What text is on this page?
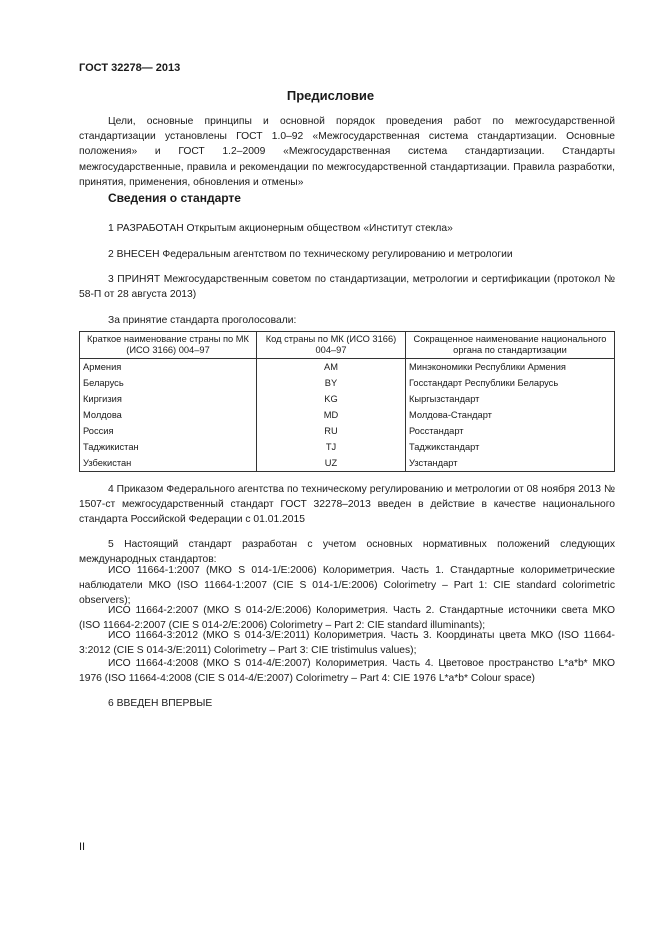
ГОСТ 32278— 2013
Предисловие
Цели, основные принципы и основной порядок проведения работ по межгосударственной стандартизации установлены ГОСТ 1.0–92 «Межгосударственная система стандартизации. Основные положения» и ГОСТ 1.2–2009 «Межгосударственная система стандартизации. Стандарты межгосударственные, правила и рекомендации по межгосударственной стандартизации. Правила разработки, принятия, применения, обновления и отмены»
Сведения о стандарте
1 РАЗРАБОТАН Открытым акционерным обществом «Институт стекла»
2 ВНЕСЕН Федеральным агентством по техническому регулированию и метрологии
3 ПРИНЯТ Межгосударственным советом по стандартизации, метрологии и сертификации (протокол № 58-П от 28 августа 2013)
За принятие стандарта проголосовали:
Краткое наименование страны по МК (ИСО 3166) 004–97	Код страны по МК (ИСО 3166) 004–97	Сокращенное наименование национального органа по стандартизации
Армения	AM	Минэкономики Республики Армения
Беларусь	BY	Госстандарт Республики Беларусь
Киргизия	KG	Кыргызстандарт
Молдова	MD	Молдова-Стандарт
Россия	RU	Росстандарт
Таджикистан	TJ	Таджикстандарт
Узбекистан	UZ	Узстандарт
4 Приказом Федерального агентства по техническому регулированию и метрологии от 08 ноября 2013 № 1507-ст межгосударственный стандарт ГОСТ 32278–2013 введен в действие в качестве национального стандарта Российской Федерации с 01.01.2015
5 Настоящий стандарт разработан с учетом основных нормативных положений следующих международных стандартов:
ИСО 11664-1:2007 (МКО S 014-1/E:2006) Колориметрия. Часть 1. Стандартные колориметрические наблюдатели МКО (ISO 11664-1:2007 (CIE S 014-1/E:2006) Colorimetry – Part 1: CIE standard colorimetric observers);
ИСО 11664-2:2007 (МКО S 014-2/E:2006) Колориметрия. Часть 2. Стандартные источники света МКО (ISO 11664-2:2007 (CIE S 014-2/E:2006) Colorimetry – Part 2: CIE standard illuminants);
ИСО 11664-3:2012 (МКО S 014-3/E:2011) Колориметрия. Часть 3. Координаты цвета МКО (ISO 11664-3:2012 (CIE S 014-3/E:2011) Colorimetry – Part 3: CIE tristimulus values);
ИСО 11664-4:2008 (МКО S 014-4/E:2007) Колориметрия. Часть 4. Цветовое пространство L*a*b* МКО 1976 (ISO 11664-4:2008 (CIE S 014-4/E:2007) Colorimetry – Part 4: CIE 1976 L*a*b* Colour space)
6 ВВЕДЕН ВПЕРВЫЕ
II
